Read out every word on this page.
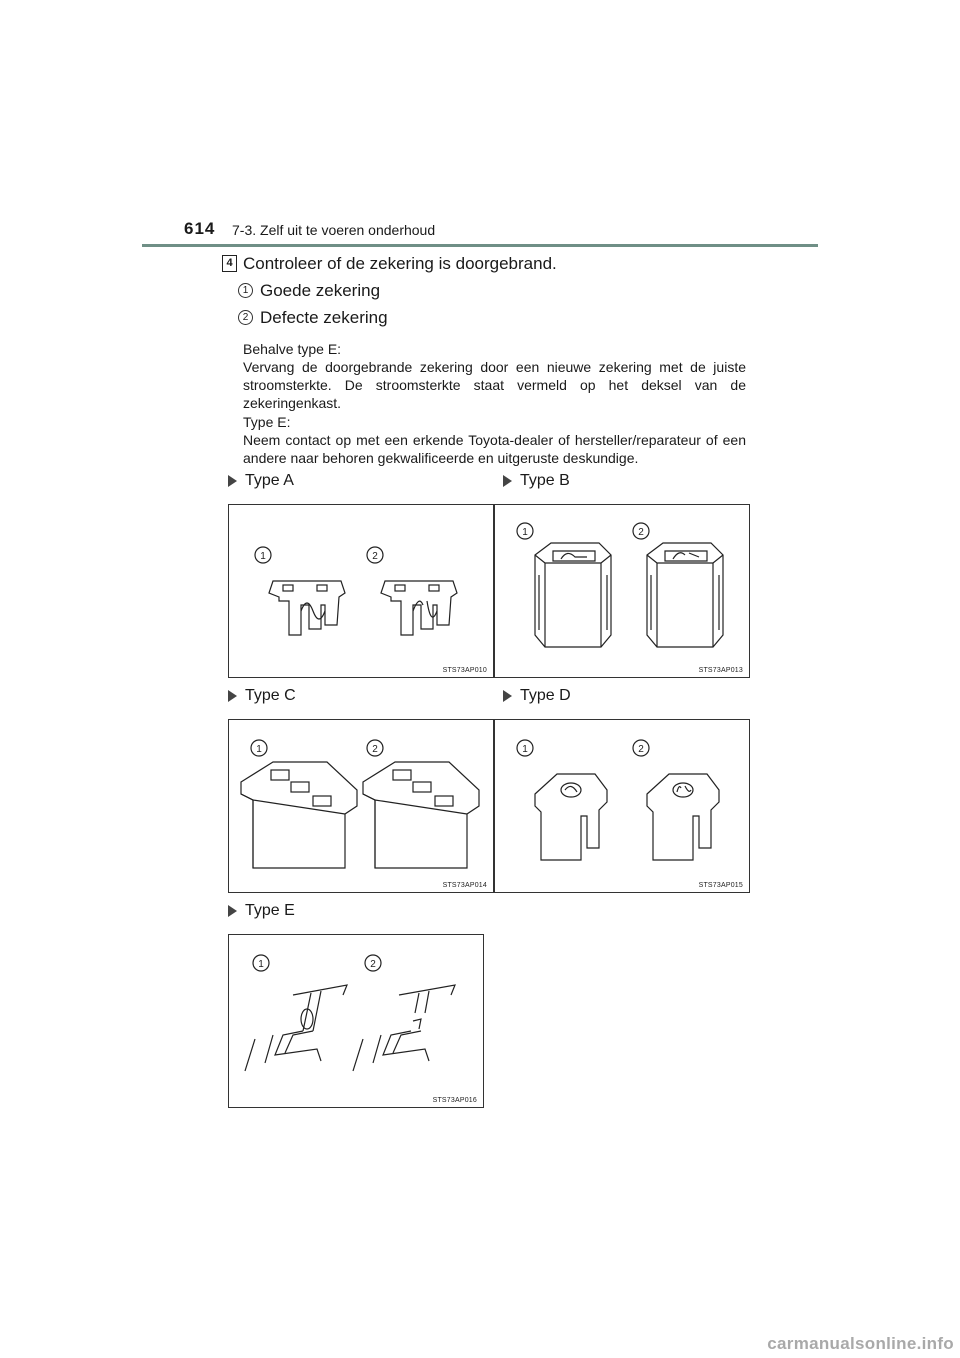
614 7-3. Zelf uit te voeren onderhoud
4 Controleer of de zekering is doorgebrand.
1 Goede zekering
2 Defecte zekering

Behalve type E:

Vervang de doorgebrande zekering door een nieuwe zekering met de juiste stroomsterkte. De stroomsterkte staat vermeld op het deksel van de zekeringenkast.

Type E:

Neem contact op met een erkende Toyota-dealer of hersteller/reparateur of een andere naar behoren gekwalificeerde en uitgeruste deskundige.

Type A	Type B
Type C	Type D
Type E
1	2
STS73AP010
1	2
STS73AP013
1	2
STS73AP014
1	2
STS73AP015
1	2
STS73AP016
carmanualsonline.info
